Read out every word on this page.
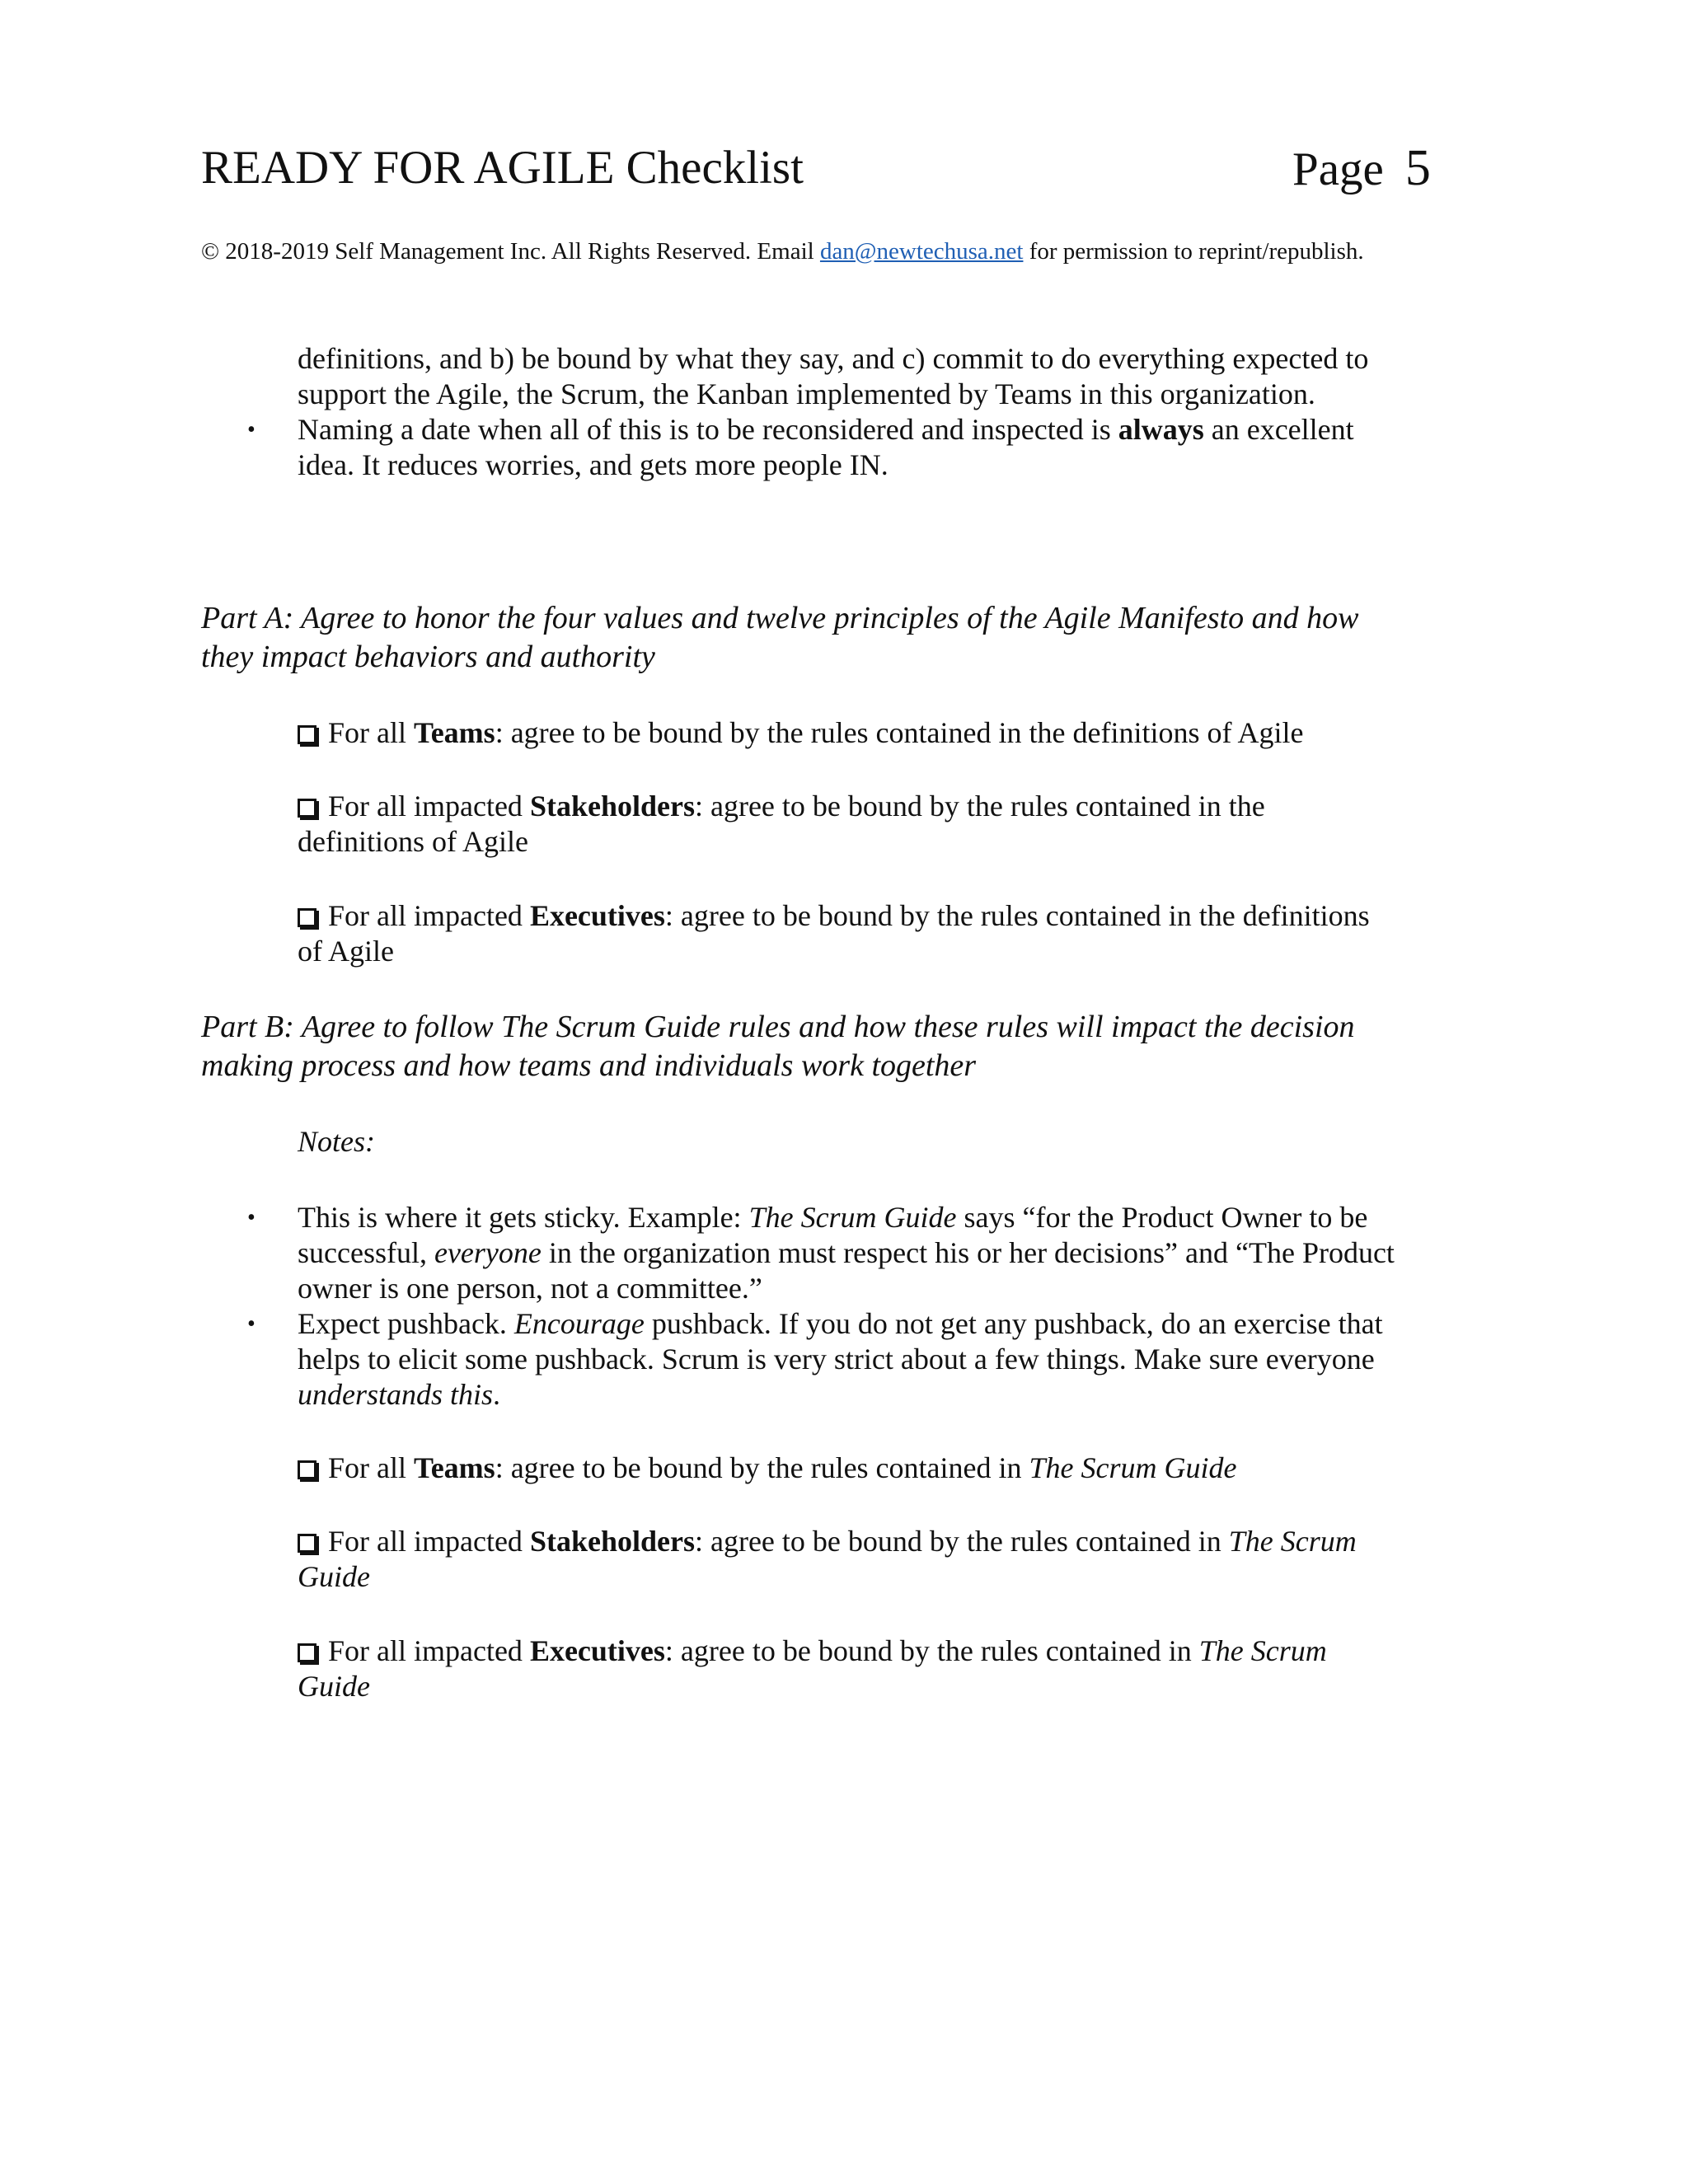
READY FOR AGILE Checklist	Page 5
© 2018-2019 Self Management Inc. All Rights Reserved. Email dan@newtechusa.net for permission to reprint/republish.
definitions, and b) be bound by what they say, and c) commit to do everything expected to
support the Agile, the Scrum, the Kanban implemented by Teams in this organization.
• Naming a date when all of this is to be reconsidered and inspected is always an excellent
idea. It reduces worries, and gets more people IN.
Part A: Agree to honor the four values and twelve principles of the Agile Manifesto and how
they impact behaviors and authority
For all Teams: agree to be bound by the rules contained in the definitions of Agile
For all impacted Stakeholders: agree to be bound by the rules contained in the
definitions of Agile
For all impacted Executives: agree to be bound by the rules contained in the definitions
of Agile
Part B: Agree to follow The Scrum Guide rules and how these rules will impact the decision
making process and how teams and individuals work together
Notes:
• This is where it gets sticky. Example: The Scrum Guide says “for the Product Owner to be
successful, everyone in the organization must respect his or her decisions” and “The Product
owner is one person, not a committee.”
• Expect pushback. Encourage pushback. If you do not get any pushback, do an exercise that
helps to elicit some pushback. Scrum is very strict about a few things. Make sure everyone
understands this.
For all Teams: agree to be bound by the rules contained in The Scrum Guide
For all impacted Stakeholders: agree to be bound by the rules contained in The Scrum
Guide
For all impacted Executives: agree to be bound by the rules contained in The Scrum
Guide
